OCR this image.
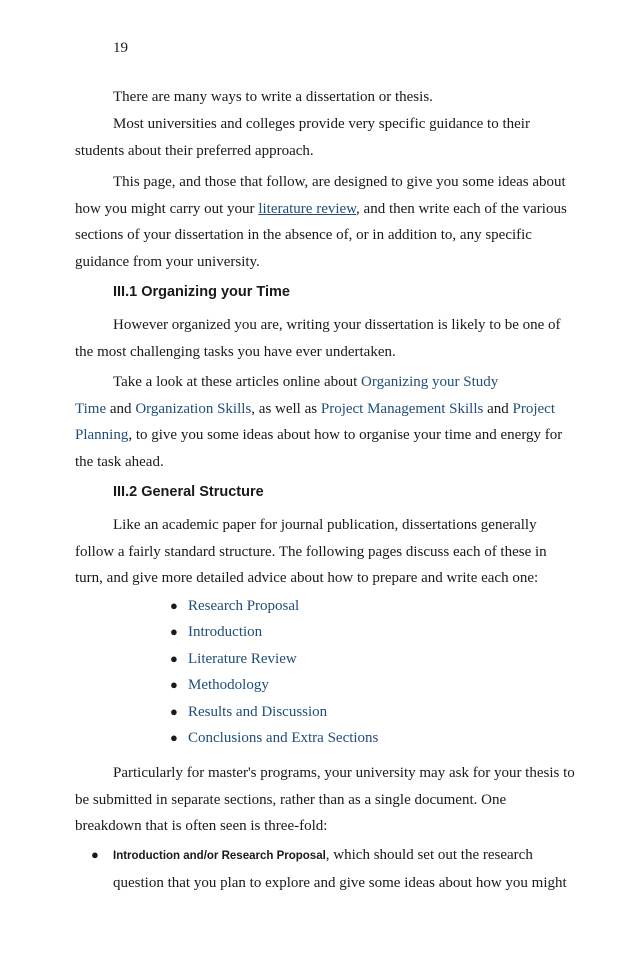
19

There are many ways to write a dissertation or thesis.

Most universities and colleges provide very specific guidance to their
students about their preferred approach.

This page, and those that follow, are designed to give you some ideas about
how you might carry out your literature review, and then write each of the various
sections of your dissertation in the absence of, or in addition to, any specific
guidance from your university.

III.1 Organizing your Time

However organized you are, writing your dissertation is likely to be one of
the most challenging tasks you have ever undertaken.

Take a look at these articles online about Organizing your Study
Time and Organization Skills, as well as Project Management Skills and Project
Planning, to give you some ideas about how to organise your time and energy for
the task ahead.

III.2 General Structure

Like an academic paper for journal publication, dissertations generally
follow a fairly standard structure. The following pages discuss each of these in
turn, and give more detailed advice about how to prepare and write each one:

● Research Proposal
● Introduction
● Literature Review
● Methodology
● Results and Discussion
● Conclusions and Extra Sections

Particularly for master's programs, your university may ask for your thesis to
be submitted in separate sections, rather than as a single document. One
breakdown that is often seen is three-fold:

● Introduction and/or Research Proposal, which should set out the research
question that you plan to explore and give some ideas about how you might
